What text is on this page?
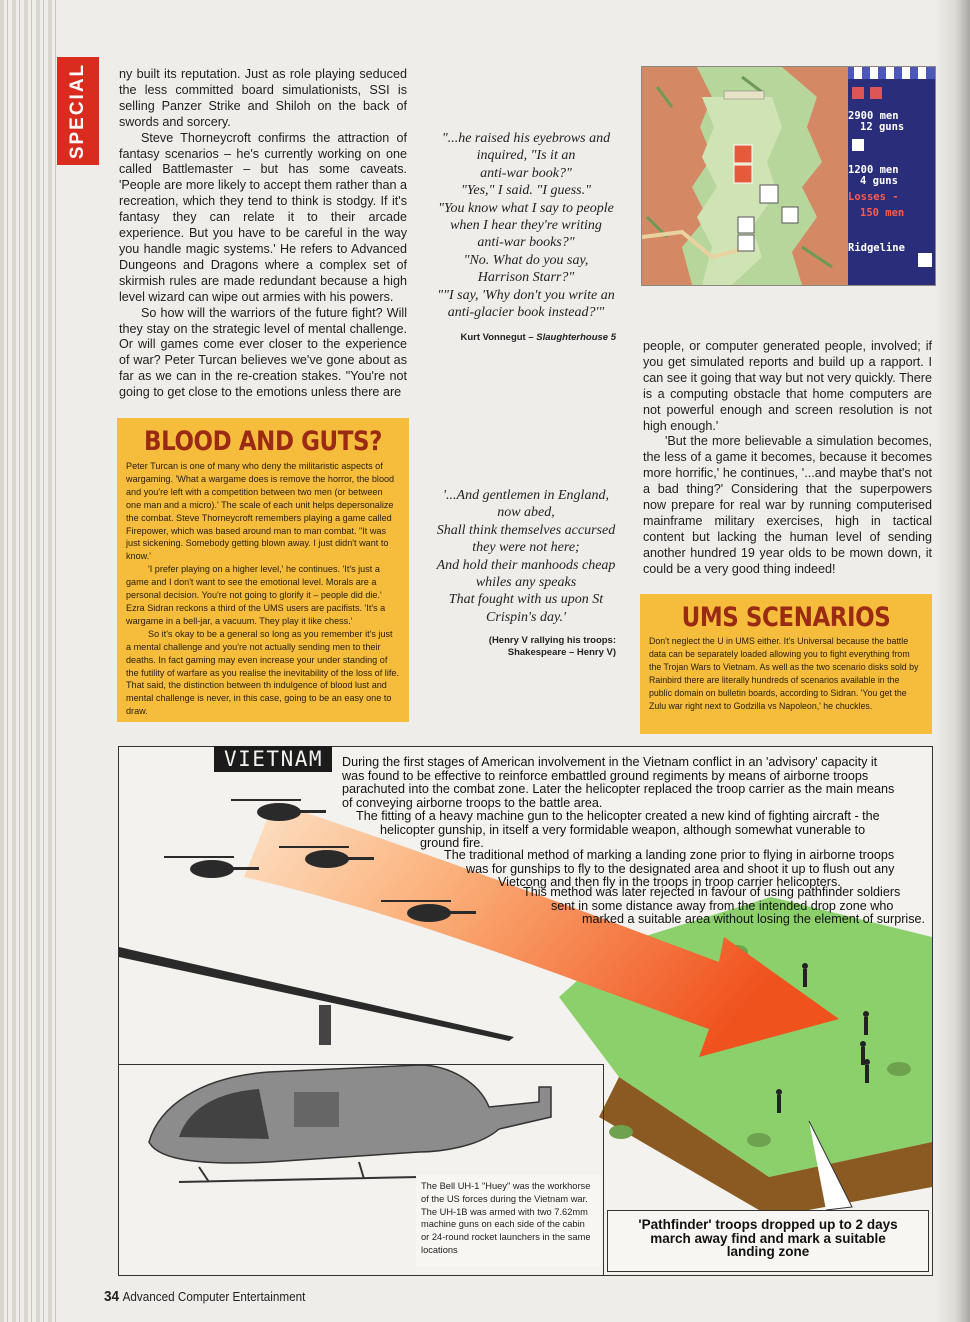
SPECIAL ny built its reputation. Just as role playing seduced the less committed board simulationists, SSI is selling Panzer Strike and Shiloh on the back of swords and sorcery.

Steve Thorneycroft confirms the attraction of fantasy scenarios – he's currently working on one called Battlemaster – but has some caveats. 'People are more likely to accept them rather than a recreation, which they tend to think is stodgy. If it's fantasy they can relate it to their arcade experience. But you have to be careful in the way you handle magic systems.' He refers to Advanced Dungeons and Dragons where a complex set of skirmish rules are made redundant because a high level wizard can wipe out armies with his powers.

So how will the warriors of the future fight? Will they stay on the strategic level of mental challenge. Or will games come ever closer to the experience of war? Peter Turcan believes we've gone about as far as we can in the re-creation stakes. "You're not going to get close to the emotions unless there are

"...he raised his eyebrows and
inquired, "Is it an
anti-war book?"
"Yes," I said. "I guess."
"You know what I say to people
when I hear they're writing
anti-war books?"
"No. What do you say,
Harrison Starr?"
""I say, 'Why don't you write an
anti-glacier book instead?'"
Kurt Vonnegut – Slaughterhouse 5
2900 men
12 guns
1200 men
4 guns
Losses -
150 men
Ridgeline

people, or computer generated people, involved; if you get simulated reports and build up a rapport. I can see it going that way but not very quickly. There is a computing obstacle that home computers are not powerful enough and screen resolution is not high enough.'

'But the more believable a simulation becomes, the less of a game it becomes, because it becomes more horrific,' he continues, '...and maybe that's not a bad thing?' Considering that the superpowers now prepare for real war by running computerised mainframe military exercises, high in tactical content but lacking the human level of sending another hundred 19 year olds to be mown down, it could be a very good thing indeed!

BLOOD AND GUTS?

Peter Turcan is one of many who deny the militaristic aspects of wargaming. 'What a wargame does is remove the horror, the blood and you're left with a competition between two men (or between one man and a micro).' The scale of each unit helps depersonalize the combat. Steve Thorneycroft remembers playing a game called Firepower, which was based around man to man combat. "It was just sickening. Somebody getting blown away. I just didn't want to know.'

'I prefer playing on a higher level,' he continues. 'It's just a game and I don't want to see the emotional level. Morals are a personal decision. You're not going to glorify it – people did die.' Ezra Sidran reckons a third of the UMS users are pacifists. 'It's a wargame in a bell-jar, a vacuum. They play it like chess.'

So it's okay to be a general so long as you remember it's just a mental challenge and you're not actually sending men to their deaths. In fact gaming may even increase your under standing of the futility of warfare as you realise the inevitability of the loss of life. That said, the distinction between th indulgence of blood lust and mental challenge is never, in this case, going to be an easy one to draw.

'...And gentlemen in England,
now abed,
Shall think themselves accursed
they were not here;
And hold their manhoods cheap
whiles any speaks
That fought with us upon St
Crispin's day.'
(Henry V rallying his troops:
Shakespeare – Henry V)
UMS SCENARIOS

Don't neglect the U in UMS either. It's Universal because the battle data can be separately loaded allowing you to fight everything from the Trojan Wars to Vietnam. As well as the two scenario disks sold by Rainbird there are literally hundreds of scenarios available in the public domain on bulletin boards, according to Sidran. 'You get the Zulu war right next to Godzilla vs Napoleon,' he chuckles.

VIETNAM	During the first stages of American involvement in the Vietnam conflict in an 'advisory' capacity it
was found to be effective to reinforce embattled ground regiments by means of airborne troops
parachuted into the combat zone. Later the helicopter replaced the troop carrier as the main means
of conveying airborne troops to the battle area.
The fitting of a heavy machine gun to the helicopter created a new kind of fighting aircraft - the
helicopter gunship, in itself a very formidable weapon, although somewhat vunerable to
ground fire.
The traditional method of marking a landing zone prior to flying in airborne troops
was for gunships to fly to the designated area and shoot it up to flush out any
Vietcong and then fly in the troops in troop carrier helicopters.
This method was later rejected in favour of using pathfinder soldiers
sent in some distance away from the intended drop zone who
marked a suitable area without losing the element of surprise.
The Bell UH-1 "Huey" was the workhorse
of the US forces during the Vietnam war.
The UH-1B was armed with two 7.62mm
machine guns on each side of the cabin
or 24-round rocket launchers in the same
locations
'Pathfinder' troops dropped up to 2 days
march away find and mark a suitable
landing zone
34 Advanced Computer Entertainment
